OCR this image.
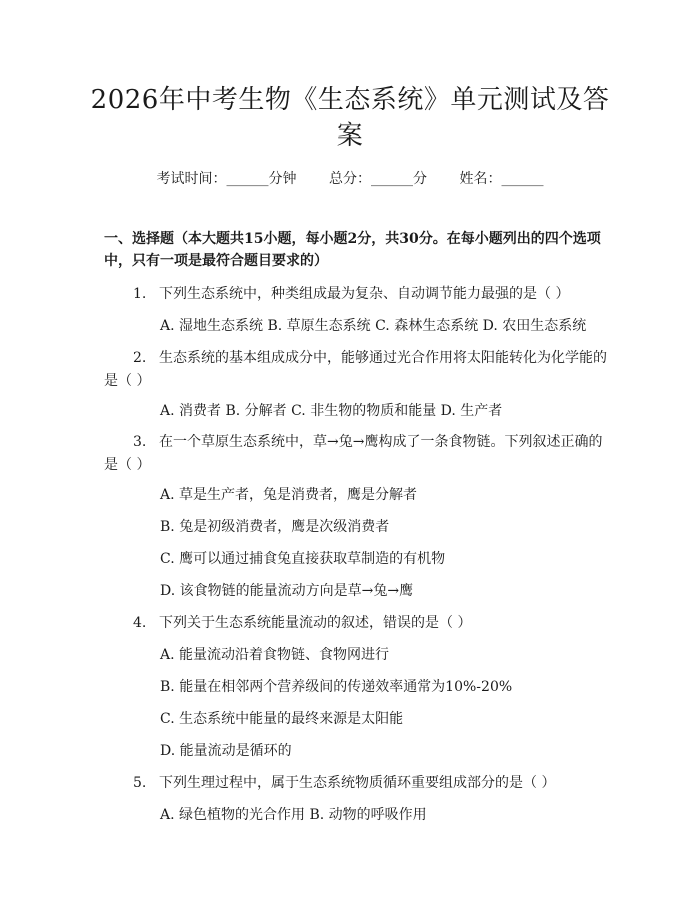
2026年中考生物《生态系统》单元测试及答案
考试时间：______分钟 总分：______分 姓名：______
一、选择题（本大题共15小题，每小题2分，共30分。在每小题列出的四个选项中，只有一项是最符合题目要求的）
1. 下列生态系统中，种类组成最为复杂、自动调节能力最强的是（ ）
A. 湿地生态系统 B. 草原生态系统 C. 森林生态系统 D. 农田生态系统
2. 生态系统的基本组成成分中，能够通过光合作用将太阳能转化为化学能的
是（ ）
A. 消费者 B. 分解者 C. 非生物的物质和能量 D. 生产者
3. 在一个草原生态系统中，草→兔→鹰构成了一条食物链。下列叙述正确的
是（ ）
A. 草是生产者，兔是消费者，鹰是分解者
B. 兔是初级消费者，鹰是次级消费者
C. 鹰可以通过捕食兔直接获取草制造的有机物
D. 该食物链的能量流动方向是草→兔→鹰
4. 下列关于生态系统能量流动的叙述，错误的是（ ）
A. 能量流动沿着食物链、食物网进行
B. 能量在相邻两个营养级间的传递效率通常为10%-20%
C. 生态系统中能量的最终来源是太阳能
D. 能量流动是循环的
5. 下列生理过程中，属于生态系统物质循环重要组成部分的是（ ）
A. 绿色植物的光合作用 B. 动物的呼吸作用
